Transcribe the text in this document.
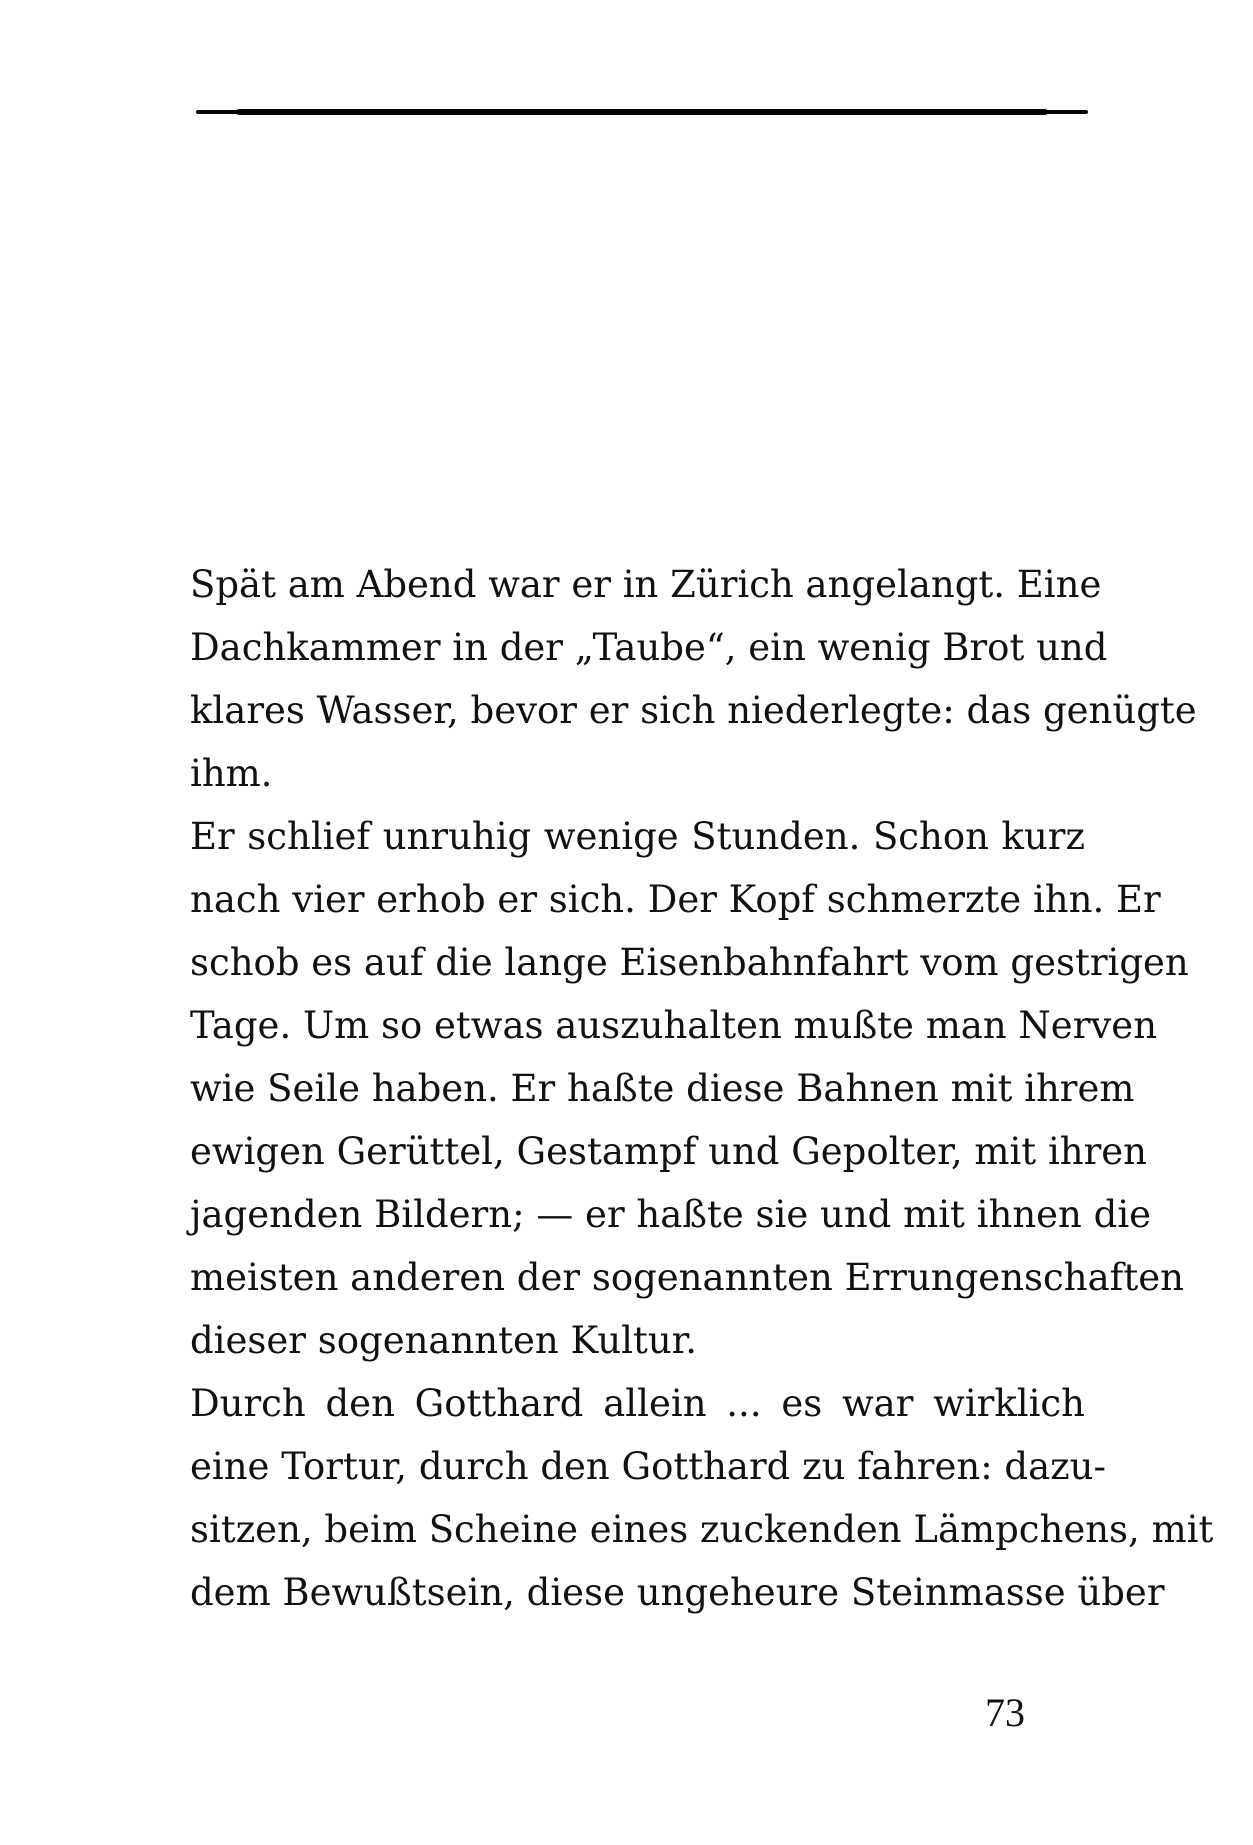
Spät am Abend war er in Zürich angelangt. Eine
Dachkammer in der „Taube“, ein wenig Brot und
klares Wasser, bevor er sich niederlegte: das genügte
ihm.
Er schlief unruhig wenige Stunden. Schon kurz
nach vier erhob er sich. Der Kopf schmerzte ihn. Er
schob es auf die lange Eisenbahnfahrt vom gestrigen
Tage. Um so etwas auszuhalten mußte man Nerven
wie Seile haben. Er haßte diese Bahnen mit ihrem
ewigen Gerüttel, Gestampf und Gepolter, mit ihren
jagenden Bildern; — er haßte sie und mit ihnen die
meisten anderen der sogenannten Errungenschaften
dieser sogenannten Kultur.
Durch den Gotthard allein ... es war wirklich
eine Tortur, durch den Gotthard zu fahren: dazu-
sitzen, beim Scheine eines zuckenden Lämpchens, mit
dem Bewußtsein, diese ungeheure Steinmasse über
73
